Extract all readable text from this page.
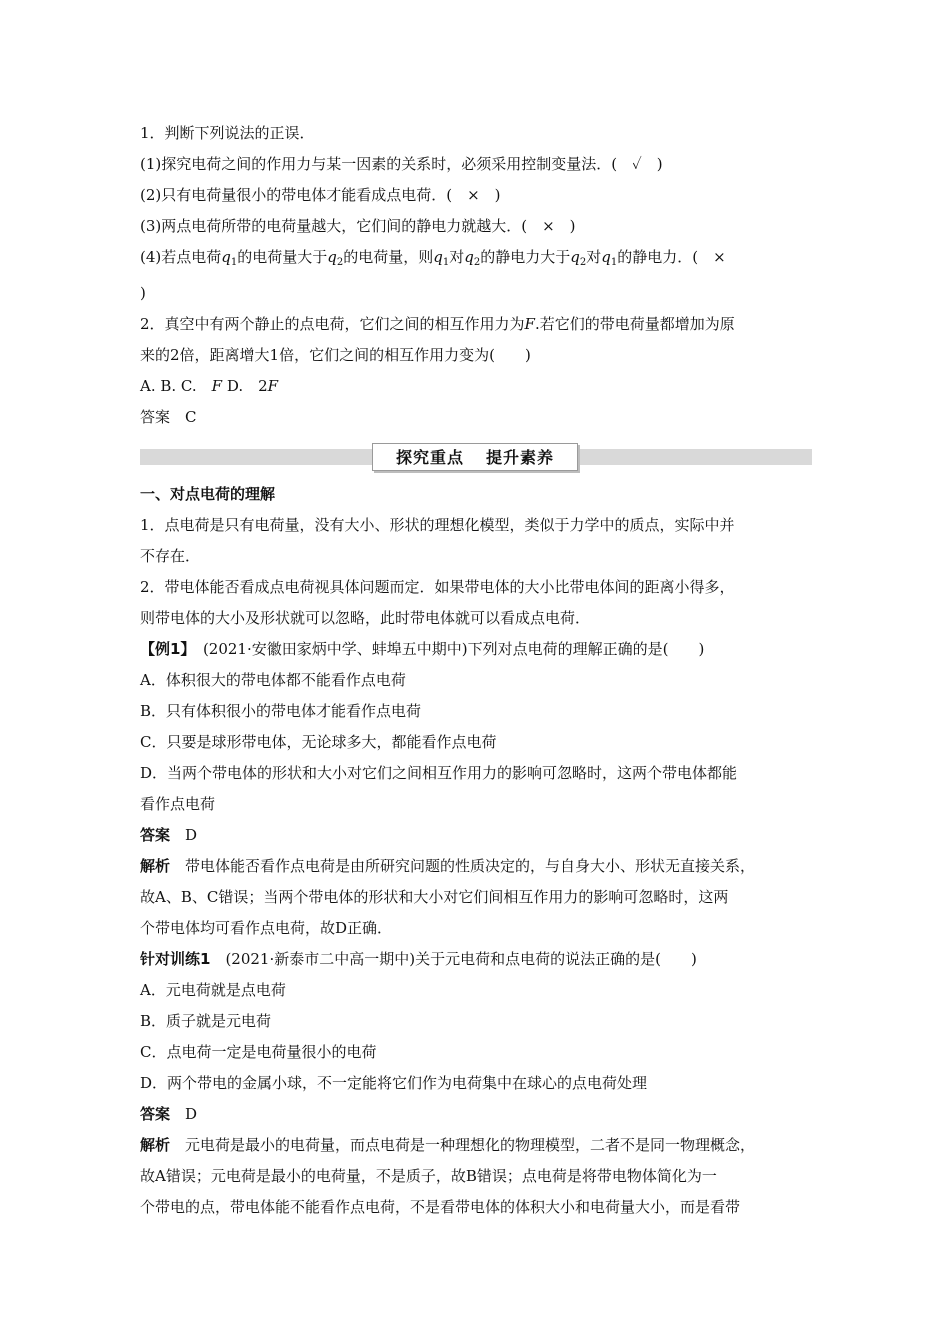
1．判断下列说法的正误．
(1)探究电荷之间的作用力与某一因素的关系时，必须采用控制变量法．(　✓　)
(2)只有电荷量很小的带电体才能看成点电荷．(　×　)
(3)两点电荷所带的电荷量越大，它们间的静电力就越大．(　×　)
(4)若点电荷$q_1$的电荷量大于$q_2$的电荷量，则$q_1$对$q_2$的静电力大于$q_2$对$q_1$的静电力．(　×
)
2．真空中有两个静止的点电荷，它们之间的相互作用力为F.若它们的带电荷量都增加为原
来的2倍，距离增大1倍，它们之间的相互作用力变为(　　)
A. B. C.　 F D.　2F
答案　C
探究重点 提升素养
一、对点电荷的理解
1．点电荷是只有电荷量，没有大小、形状的理想化模型，类似于力学中的质点，实际中并
不存在．
2．带电体能否看成点电荷视具体问题而定．如果带电体的大小比带电体间的距离小得多，
则带电体的大小及形状就可以忽略，此时带电体就可以看成点电荷．
【例1】　(2021·安徽田家炳中学、蚌埠五中期中)下列对点电荷的理解正确的是(　　)
A．体积很大的带电体都不能看作点电荷
B．只有体积很小的带电体才能看作点电荷
C．只要是球形带电体，无论球多大，都能看作点电荷
D．当两个带电体的形状和大小对它们之间相互作用力的影响可忽略时，这两个带电体都能
看作点电荷
答案　D
解析　带电体能否看作点电荷是由所研究问题的性质决定的，与自身大小、形状无直接关系，
故A、B、C错误；当两个带电体的形状和大小对它们间相互作用力的影响可忽略时，这两
个带电体均可看作点电荷，故D正确．
针对训练1　(2021·新泰市二中高一期中)关于元电荷和点电荷的说法正确的是(　　)
A．元电荷就是点电荷
B．质子就是元电荷
C．点电荷一定是电荷量很小的电荷
D．两个带电的金属小球，不一定能将它们作为电荷集中在球心的点电荷处理
答案　D
解析　元电荷是最小的电荷量，而点电荷是一种理想化的物理模型，二者不是同一物理概念，
故A错误；元电荷是最小的电荷量，不是质子，故B错误；点电荷是将带电物体简化为一
个带电的点，带电体能不能看作点电荷，不是看带电体的体积大小和电荷量大小，而是看带
